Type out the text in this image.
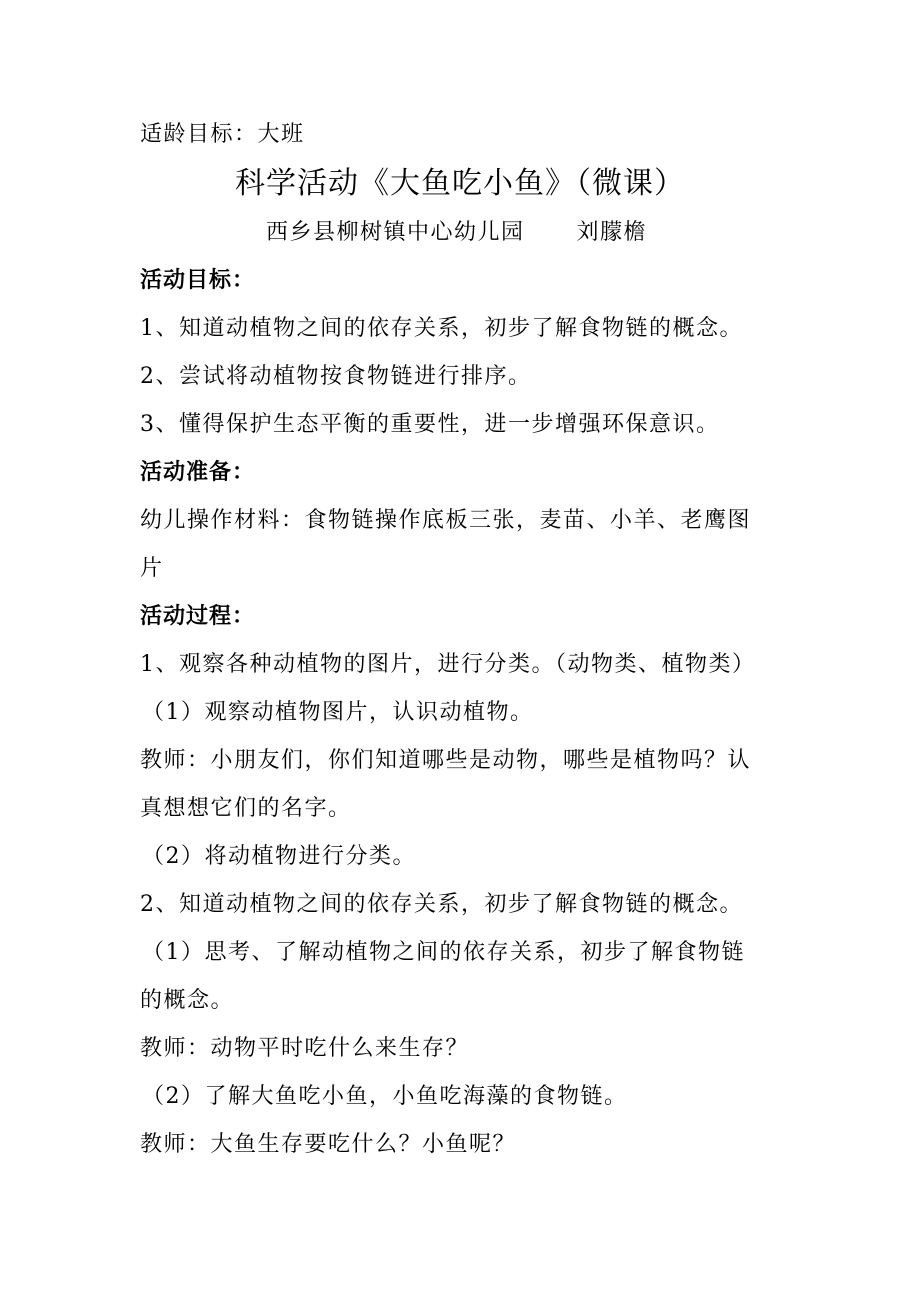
适龄目标：大班
科学活动《大鱼吃小鱼》（微课）
西乡县柳树镇中心幼儿园 刘朦檐
活动目标：
1、知道动植物之间的依存关系，初步了解食物链的概念。
2、尝试将动植物按食物链进行排序。
3、懂得保护生态平衡的重要性，进一步增强环保意识。
活动准备：
幼儿操作材料：食物链操作底板三张，麦苗、小羊、老鹰图
片
活动过程：
1、观察各种动植物的图片，进行分类。（动物类、植物类）
（1）观察动植物图片，认识动植物。
教师：小朋友们，你们知道哪些是动物，哪些是植物吗？认
真想想它们的名字。
（2）将动植物进行分类。
2、知道动植物之间的依存关系，初步了解食物链的概念。
（1）思考、了解动植物之间的依存关系，初步了解食物链
的概念。
教师：动物平时吃什么来生存？
（2）了解大鱼吃小鱼，小鱼吃海藻的食物链。
教师：大鱼生存要吃什么？小鱼呢？
